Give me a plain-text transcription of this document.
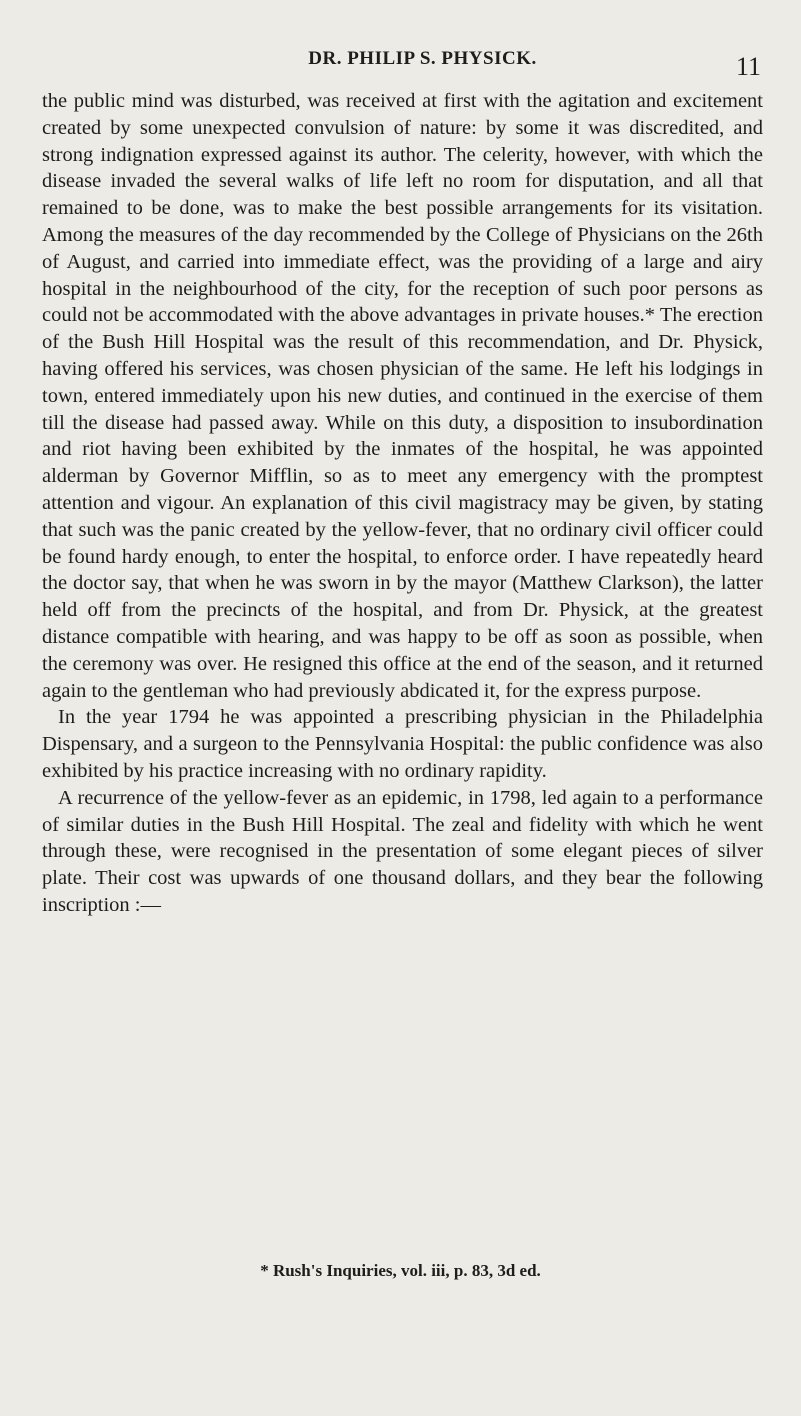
DR. PHILIP S. PHYSICK.	11

the public mind was disturbed, was received at first with the agitation and excitement created by some unexpected convulsion of nature: by some it was discredited, and strong indignation expressed against its author. The celerity, however, with which the disease invaded the several walks of life left no room for disputation, and all that remained to be done, was to make the best possible arrangements for its visitation. Among the measures of the day recommended by the College of Physicians on the 26th of August, and carried into immediate effect, was the providing of a large and airy hospital in the neighbourhood of the city, for the reception of such poor persons as could not be accommodated with the above advantages in private houses.* The erection of the Bush Hill Hospital was the result of this recommendation, and Dr. Physick, having offered his services, was chosen physician of the same. He left his lodgings in town, entered immediately upon his new duties, and continued in the exercise of them till the disease had passed away. While on this duty, a disposition to insubordination and riot having been exhibited by the inmates of the hospital, he was appointed alderman by Governor Mifflin, so as to meet any emergency with the promptest attention and vigour. An explanation of this civil magistracy may be given, by stating that such was the panic created by the yellow-fever, that no ordinary civil officer could be found hardy enough, to enter the hospital, to enforce order. I have repeatedly heard the doctor say, that when he was sworn in by the mayor (Matthew Clarkson), the latter held off from the precincts of the hospital, and from Dr. Physick, at the greatest distance compatible with hearing, and was happy to be off as soon as possible, when the ceremony was over. He resigned this office at the end of the season, and it returned again to the gentleman who had previously abdicated it, for the express purpose.

In the year 1794 he was appointed a prescribing physician in the Philadelphia Dispensary, and a surgeon to the Pennsylvania Hospital: the public confidence was also exhibited by his practice increasing with no ordinary rapidity.

A recurrence of the yellow-fever as an epidemic, in 1798, led again to a performance of similar duties in the Bush Hill Hospital. The zeal and fidelity with which he went through these, were recognised in the presentation of some elegant pieces of silver plate. Their cost was upwards of one thousand dollars, and they bear the following inscription :—

* Rush's Inquiries, vol. iii, p. 83, 3d ed.
